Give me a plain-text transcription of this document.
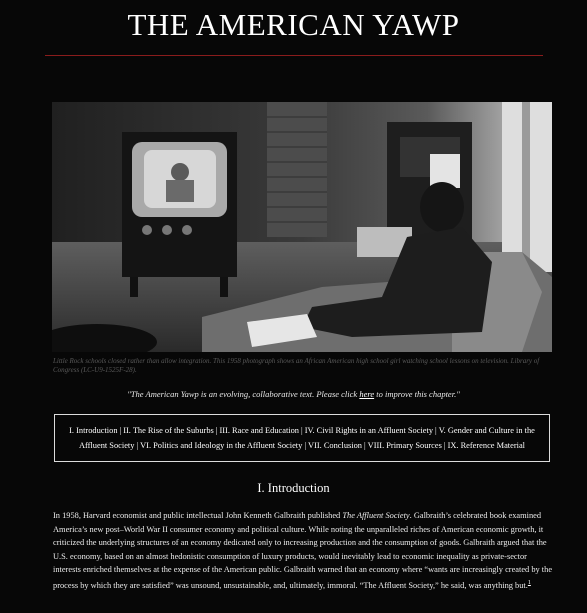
THE AMERICAN YAWP
Little Rock schools closed rather than allow integration. This 1958 photograph shows an African American high school girl watching school lessons on television. Library of Congress (LC-U9-1525F-28).

"The American Yawp is an evolving, collaborative text. Please click here to improve this chapter."

I. Introduction | II. The Rise of the Suburbs | III. Race and Education | IV. Civil Rights in an Affluent Society | V. Gender and Culture in the Affluent Society | VI. Politics and Ideology in the Affluent Society | VII. Conclusion | VIII. Primary Sources | IX. Reference Material
I. Introduction

In 1958, Harvard economist and public intellectual John Kenneth Galbraith published The Affluent Society. Galbraith’s celebrated book examined America’s new post–World War II consumer economy and political culture. While noting the unparalleled riches of American economic growth, it criticized the underlying structures of an economy dedicated only to increasing production and the consumption of goods. Galbraith argued that the U.S. economy, based on an almost hedonistic consumption of luxury products, would inevitably lead to economic inequality as private-sector interests enriched themselves at the expense of the American public. Galbraith warned that an economy where “wants are increasingly created by the process by which they are satisfied” was unsound, unsustainable, and, ultimately, immoral. “The Affluent Society,” he said, was anything but.$^1$
